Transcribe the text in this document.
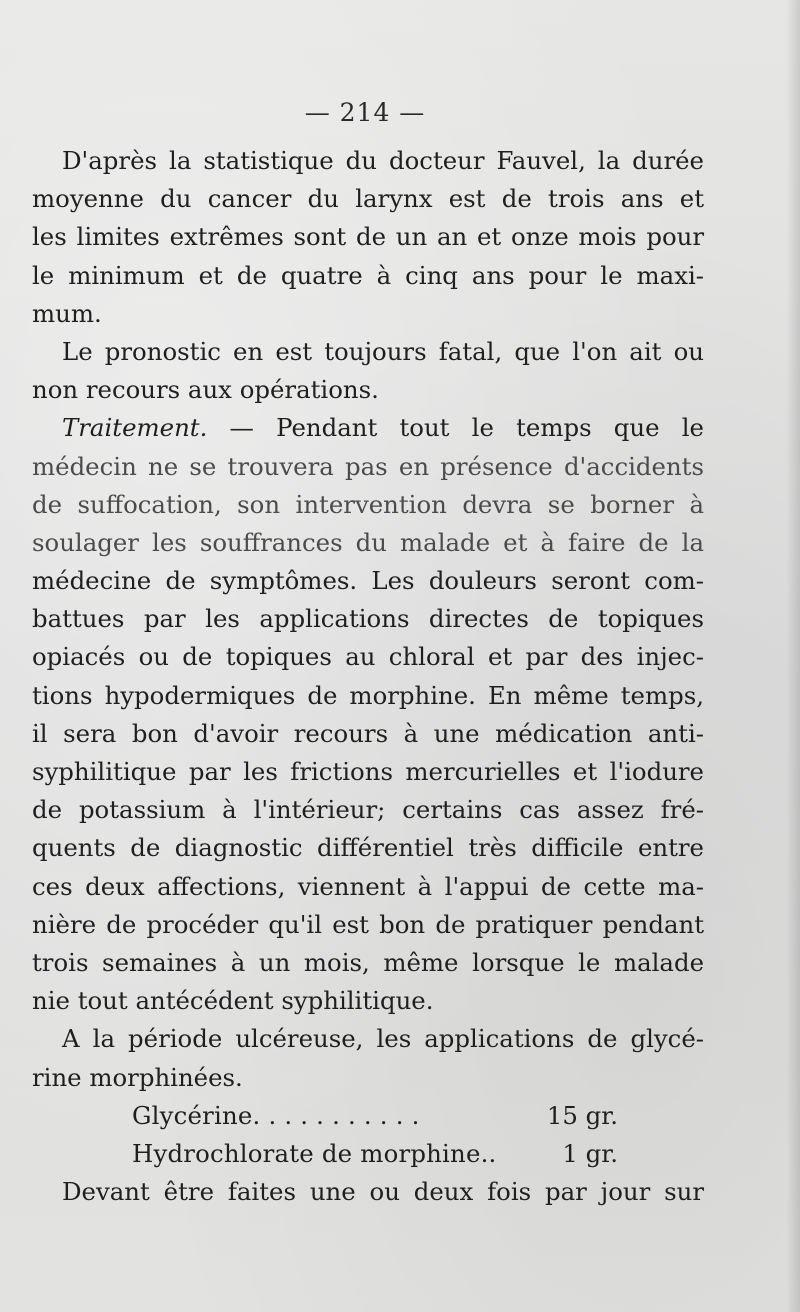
— 214 —
D'après la statistique du docteur Fauvel, la durée
moyenne du cancer du larynx est de trois ans et
les limites extrêmes sont de un an et onze mois pour
le minimum et de quatre à cinq ans pour le maxi-
mum.
Le pronostic en est toujours fatal, que l'on ait ou
non recours aux opérations.
Traitement. — Pendant tout le temps que le
médecin ne se trouvera pas en présence d'accidents
de suffocation, son intervention devra se borner à
soulager les souffrances du malade et à faire de la
médecine de symptômes. Les douleurs seront com-
battues par les applications directes de topiques
opiacés ou de topiques au chloral et par des injec-
tions hypodermiques de morphine. En même temps,
il sera bon d'avoir recours à une médication anti-
syphilitique par les frictions mercurielles et l'iodure
de potassium à l'intérieur; certains cas assez fré-
quents de diagnostic différentiel très difficile entre
ces deux affections, viennent à l'appui de cette ma-
nière de procéder qu'il est bon de pratiquer pendant
trois semaines à un mois, même lorsque le malade
nie tout antécédent syphilitique.
A la période ulcéreuse, les applications de glycé-
rine morphinées.
Glycérine. . . . . . . . . . .	15 gr.
Hydrochlorate de morphine..	1 gr.
Devant être faites une ou deux fois par jour sur
